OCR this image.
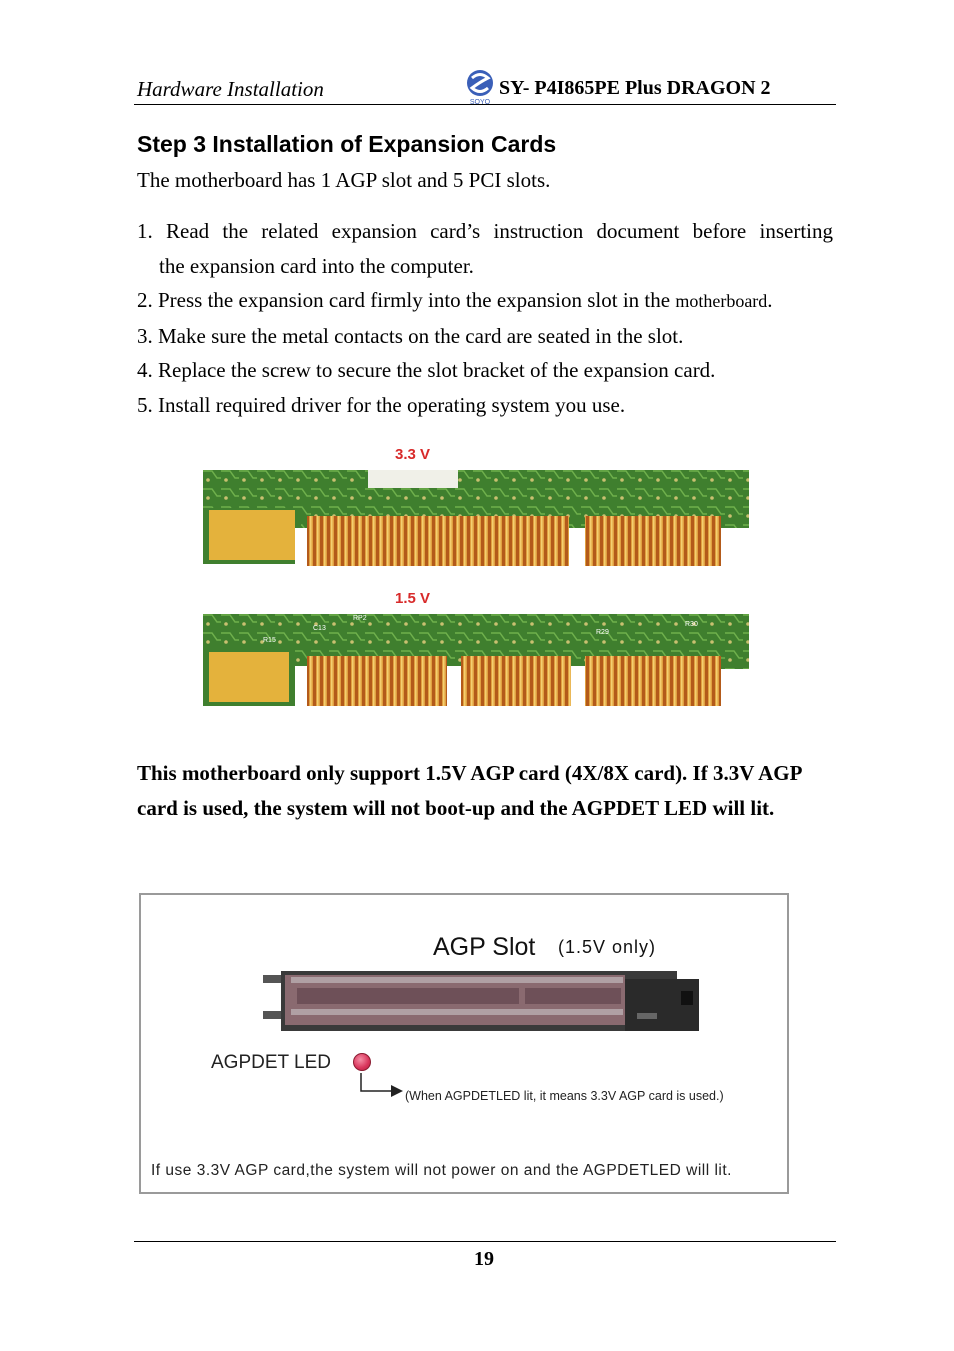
Hardware Installation
SOYO
SY- P4I865PE Plus DRAGON 2
Step 3 Installation of Expansion Cards
The motherboard has 1 AGP slot and 5 PCI slots.
1. Read the related expansion card’s instruction document before inserting
the expansion card into the computer.
2. Press the expansion card firmly into the expansion slot in the motherboard.
3. Make sure the metal contacts on the card are seated in the slot.
4. Replace the screw to secure the slot bracket of the expansion card.
5. Install required driver for the operating system you use.
3.3 V
1.5 V
C13
R15
R29
R30
RP2
This motherboard only support 1.5V AGP card (4X/8X card). If 3.3V AGP card is used, the system will not boot-up and the AGPDET LED will lit.
AGP Slot (1.5V only)
AGPDET LED
(When AGPDETLED lit, it means 3.3V AGP card is used.)
If use 3.3V AGP card,the system will not power on and the AGPDETLED will lit.
19
